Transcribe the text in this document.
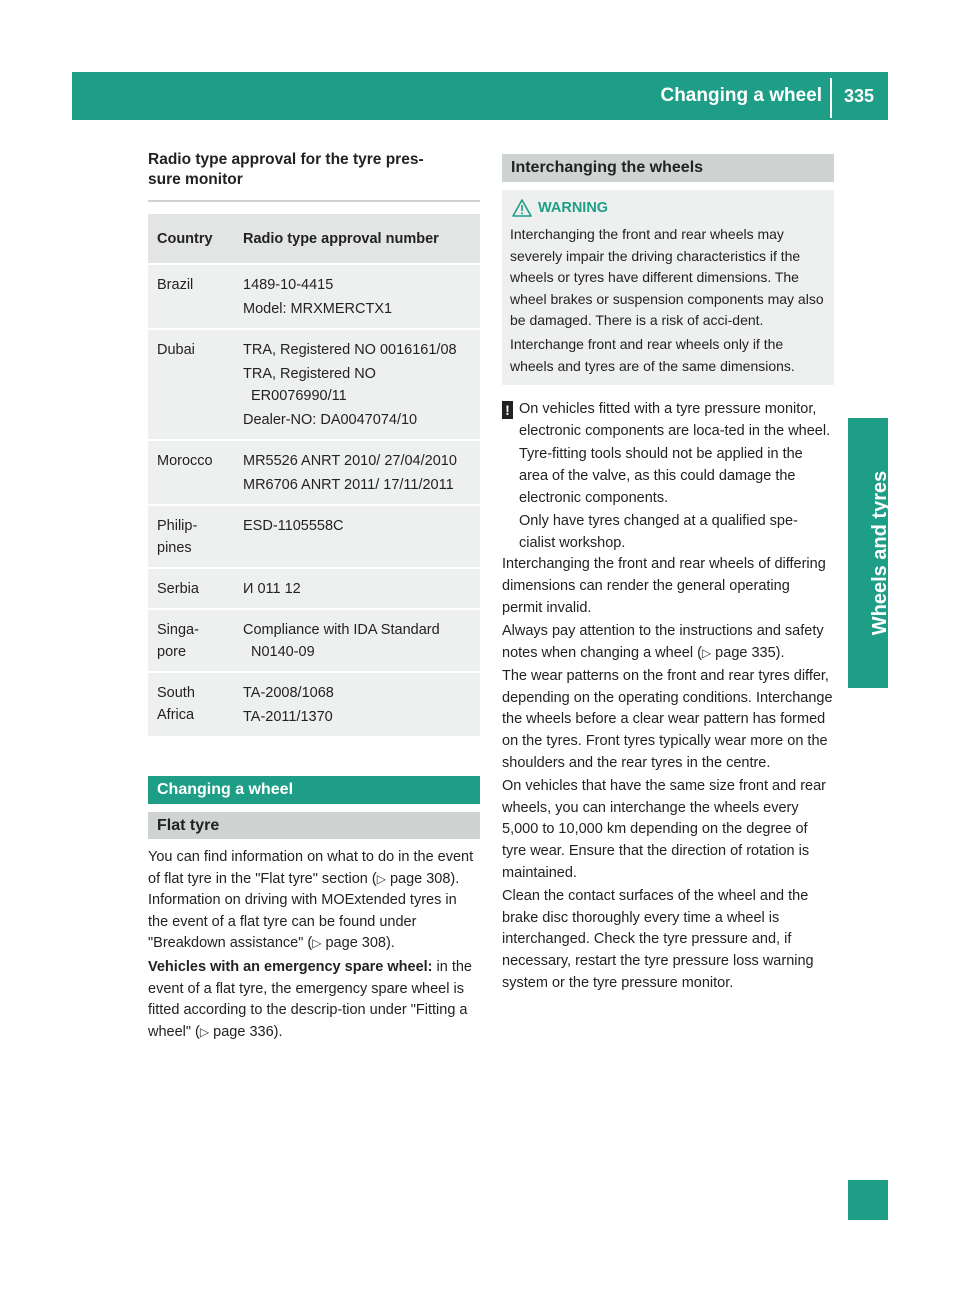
Changing a wheel	335
Wheels and tyres
Radio type approval for the tyre pres-
sure monitor
Country	Radio type approval number
Brazil	1489-10-4415
Model: MRXMERCTX1

Dubai	TRA, Registered NO 0016161/08
TRA, Registered NO ER0076990/11
Dealer-NO: DA0047074/10

Morocco	MR5526 ANRT 2010/ 27/04/2010
MR6706 ANRT 2011/ 17/11/2011

Philip-
pines	ESD-1105558C

Serbia	И 011 12

Singa-
pore	Compliance with IDA Standard N0140-09

South
Africa	TA-2008/1068
TA-2011/1370
Changing a wheel
Flat tyre

You can find information on what to do in the event of flat tyre in the "Flat tyre" section (▷ page 308). Information on driving with MOExtended tyres in the event of a flat tyre can be found under "Breakdown assistance" (▷ page 308).

Vehicles with an emergency spare wheel: in the event of a flat tyre, the emergency spare wheel is fitted according to the descrip-tion under "Fitting a wheel" (▷ page 336).

Interchanging the wheels
WARNING

Interchanging the front and rear wheels may severely impair the driving characteristics if the wheels or tyres have different dimensions. The wheel brakes or suspension components may also be damaged. There is a risk of acci-dent.

Interchange front and rear wheels only if the wheels and tyres are of the same dimensions.

! On vehicles fitted with a tyre pressure monitor, electronic components are loca-ted in the wheel.

Tyre-fitting tools should not be applied in the area of the valve, as this could damage the electronic components.

Only have tyres changed at a qualified spe-cialist workshop.

Interchanging the front and rear wheels of differing dimensions can render the general operating permit invalid.

Always pay attention to the instructions and safety notes when changing a wheel (▷ page 335).

The wear patterns on the front and rear tyres differ, depending on the operating conditions. Interchange the wheels before a clear wear pattern has formed on the tyres. Front tyres typically wear more on the shoulders and the rear tyres in the centre.

On vehicles that have the same size front and rear wheels, you can interchange the wheels every 5,000 to 10,000 km depending on the degree of tyre wear. Ensure that the direction of rotation is maintained.

Clean the contact surfaces of the wheel and the brake disc thoroughly every time a wheel is interchanged. Check the tyre pressure and, if necessary, restart the tyre pressure loss warning system or the tyre pressure monitor.
